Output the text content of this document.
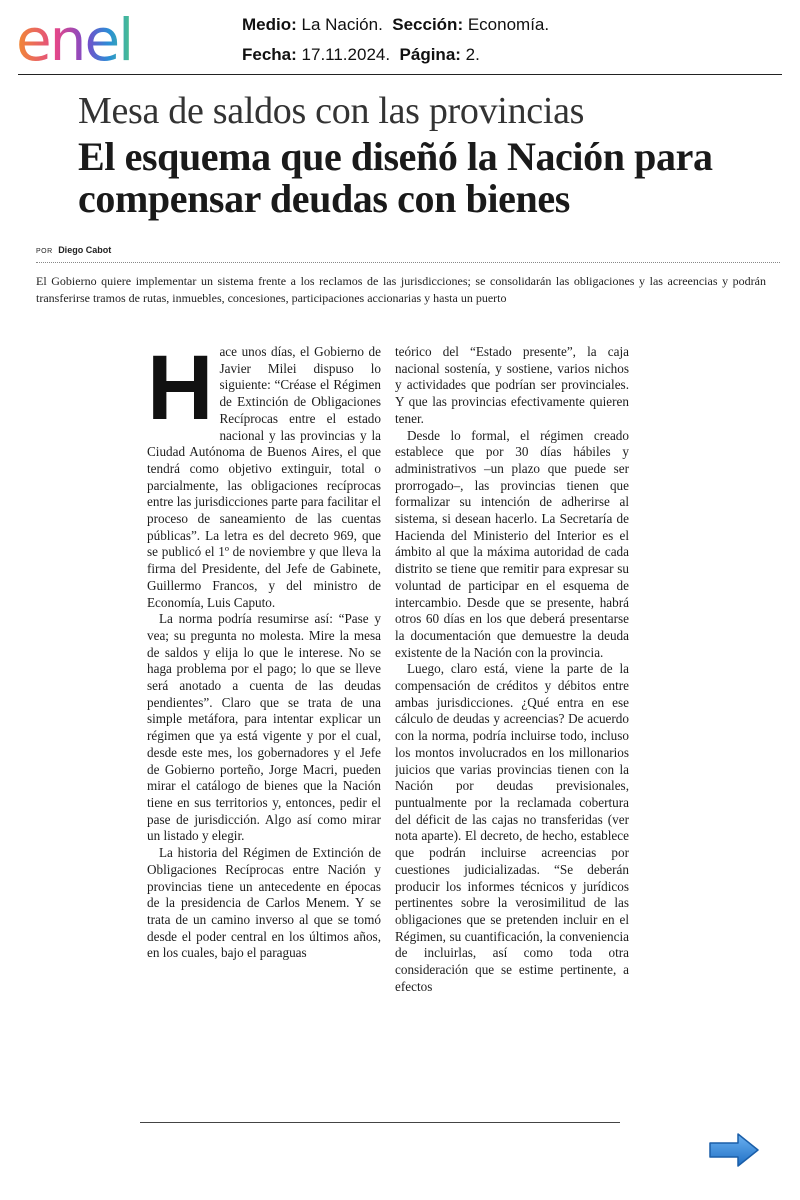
enel	Medio: La Nación. Sección: Economía.
Fecha: 17.11.2024. Página: 2.
Mesa de saldos con las provincias
El esquema que diseñó la Nación para compensar deudas con bienes
POR Diego Cabot
El Gobierno quiere implementar un sistema frente a los reclamos de las jurisdicciones; se consolidarán las obligaciones y las acreencias y podrán transferirse tramos de rutas, inmuebles, concesiones, participaciones accionarias y hasta un puerto

Hace unos días, el Gobierno de Javier Milei dispuso lo siguiente: “Créase el Régimen de Extinción de Obligaciones Recíprocas entre el estado nacional y las provincias y la Ciudad Autónoma de Buenos Aires, el que tendrá como objetivo extinguir, total o parcialmente, las obligaciones recíprocas entre las jurisdicciones parte para facilitar el proceso de saneamiento de las cuentas públicas”. La letra es del decreto 969, que se publicó el 1º de noviembre y que lleva la firma del Presidente, del Jefe de Gabinete, Guillermo Francos, y del ministro de Economía, Luis Caputo.

La norma podría resumirse así: “Pase y vea; su pregunta no molesta. Mire la mesa de saldos y elija lo que le interese. No se haga problema por el pago; lo que se lleve será anotado a cuenta de las deudas pendientes”. Claro que se trata de una simple metáfora, para intentar explicar un régimen que ya está vigente y por el cual, desde este mes, los gobernadores y el Jefe de Gobierno porteño, Jorge Macri, pueden mirar el catálogo de bienes que la Nación tiene en sus territorios y, entonces, pedir el pase de jurisdicción. Algo así como mirar un listado y elegir.

La historia del Régimen de Extinción de Obligaciones Recíprocas entre Nación y provincias tiene un antecedente en épocas de la presidencia de Carlos Menem. Y se trata de un camino inverso al que se tomó desde el poder central en los últimos años, en los cuales, bajo el paraguas

teórico del “Estado presente”, la caja nacional sostenía, y sostiene, varios nichos y actividades que podrían ser provinciales. Y que las provincias efectivamente quieren tener.

Desde lo formal, el régimen creado establece que por 30 días hábiles y administrativos –un plazo que puede ser prorrogado–, las provincias tienen que formalizar su intención de adherirse al sistema, si desean hacerlo. La Secretaría de Hacienda del Ministerio del Interior es el ámbito al que la máxima autoridad de cada distrito se tiene que remitir para expresar su voluntad de participar en el esquema de intercambio. Desde que se presente, habrá otros 60 días en los que deberá presentarse la documentación que demuestre la deuda existente de la Nación con la provincia.

Luego, claro está, viene la parte de la compensación de créditos y débitos entre ambas jurisdicciones. ¿Qué entra en ese cálculo de deudas y acreencias? De acuerdo con la norma, podría incluirse todo, incluso los montos involucrados en los millonarios juicios que varias provincias tienen con la Nación por deudas previsionales, puntualmente por la reclamada cobertura del déficit de las cajas no transferidas (ver nota aparte). El decreto, de hecho, establece que podrán incluirse acreencias por cuestiones judicializadas. “Se deberán producir los informes técnicos y jurídicos pertinentes sobre la verosimilitud de las obligaciones que se pretenden incluir en el Régimen, su cuantificación, la conveniencia de incluirlas, así como toda otra consideración que se estime pertinente, a efectos
